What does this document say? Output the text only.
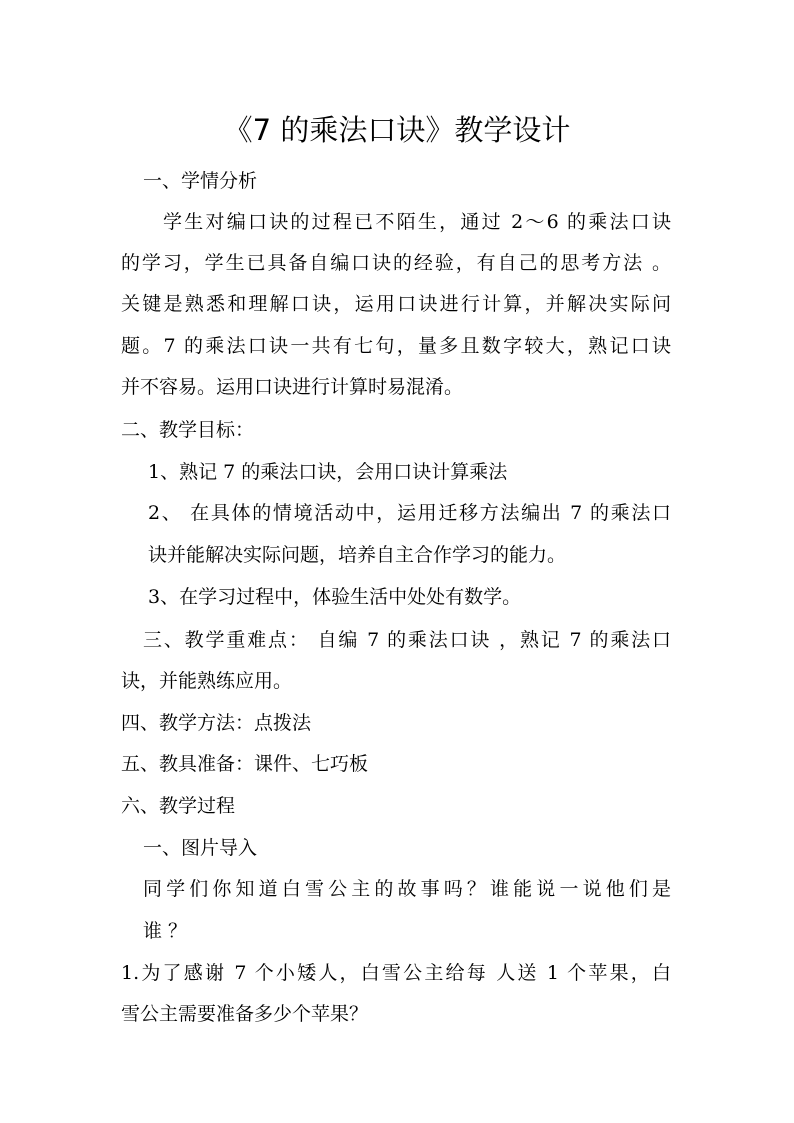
《7 的乘法口诀》教学设计
一、学情分析
学生对编口诀的过程已不陌生，通过 2～6 的乘法口诀
的学习，学生已具备自编口诀的经验，有自己的思考方法 。
关键是熟悉和理解口诀，运用口诀进行计算，并解决实际问
题。7 的乘法口诀一共有七句，量多且数字较大，熟记口诀
并不容易。运用口诀进行计算时易混淆。
二、教学目标：
1、熟记 7 的乘法口诀，会用口诀计算乘法
2、 在具体的情境活动中，运用迁移方法编出 7 的乘法口
诀并能解决实际问题，培养自主合作学习的能力。
3、在学习过程中，体验生活中处处有数学。
三、教学重难点： 自编 7 的乘法口诀 ，熟记 7 的乘法口
诀，并能熟练应用。
四、教学方法：点拨法
五、教具准备：课件、七巧板
六、教学过程
一、图片导入
同学们你知道白雪公主的故事吗？谁能说一说他们是
谁 ？
1.为了感谢 7 个小矮人，白雪公主给每 人送 1 个苹果，白
雪公主需要准备多少个苹果？
